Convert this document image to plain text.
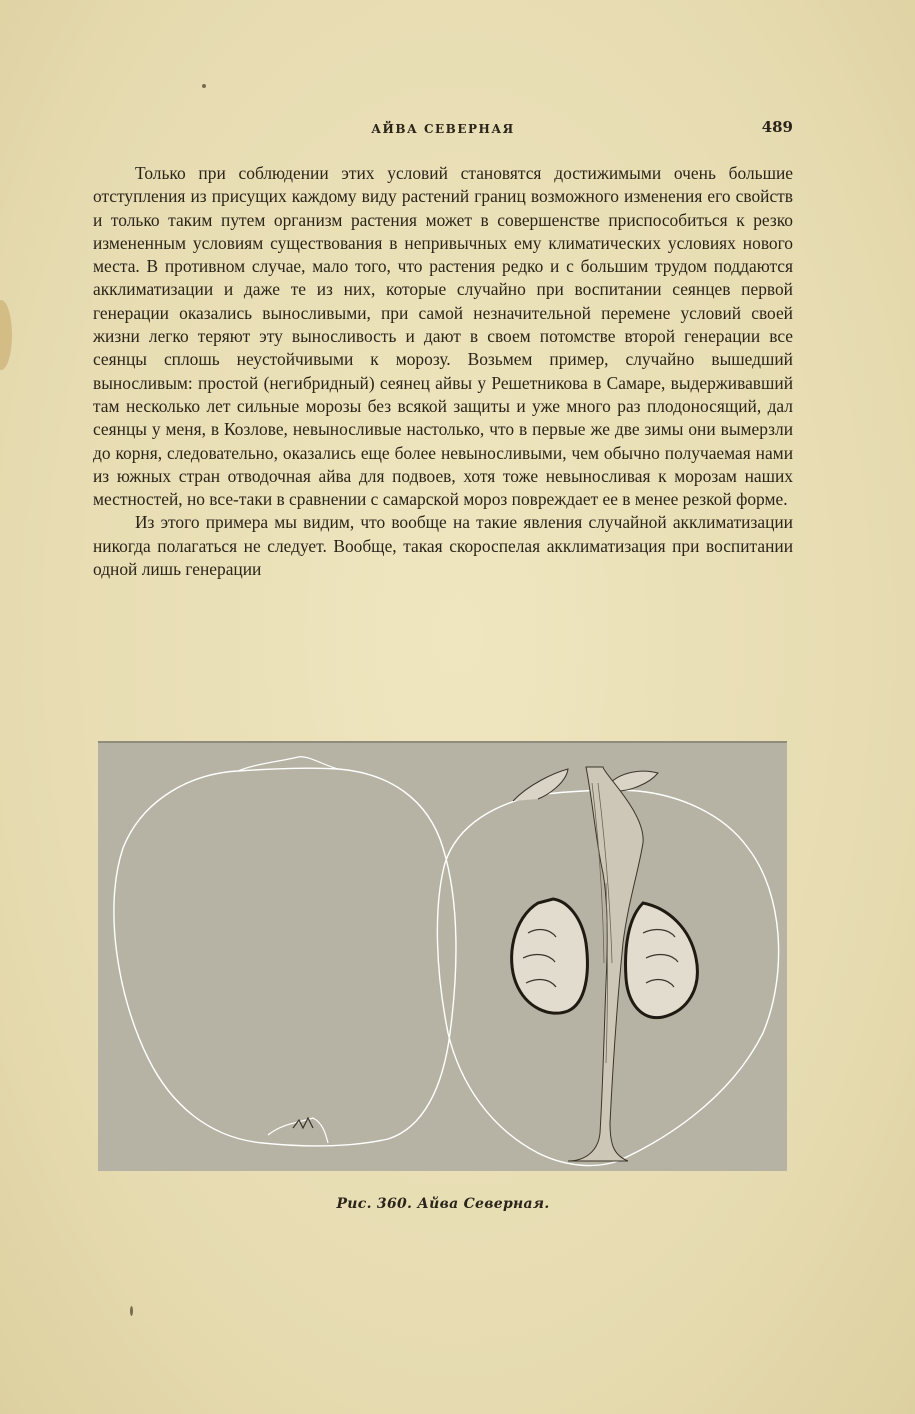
АЙВА СЕВЕРНАЯ	489

Только при соблюдении этих условий становятся достижимыми очень большие отступления из присущих каждому виду растений границ возможного изменения его свойств и только таким путем организм растения может в совершенстве приспособиться к резко измененным условиям существования в непривычных ему климатических условиях нового места. В противном случае, мало того, что растения редко и с большим трудом поддаются акклиматизации и даже те из них, которые случайно при воспитании сеянцев первой генерации оказались выносливыми, при самой незначительной перемене условий своей жизни легко теряют эту выносливость и дают в своем потомстве второй генерации все сеянцы сплошь неустойчивыми к морозу. Возьмем пример, случайно вышедший выносливым: простой (негибридный) сеянец айвы у Решетникова в Самаре, выдерживавший там несколько лет сильные морозы без всякой защиты и уже много раз плодоносящий, дал сеянцы у меня, в Козлове, невыносливые настолько, что в первые же две зимы они вымерзли до корня, следовательно, оказались еще более невыносливыми, чем обычно получаемая нами из южных стран отводочная айва для подвоев, хотя тоже невыносливая к морозам наших местностей, но все-таки в сравнении с самарской мороз повреждает ее в менее резкой форме.

Из этого примера мы видим, что вообще на такие явления случайной акклиматизации никогда полагаться не следует. Вообще, такая скороспелая акклиматизация при воспитании одной лишь генерации

Рис. 360. Айва Северная.
